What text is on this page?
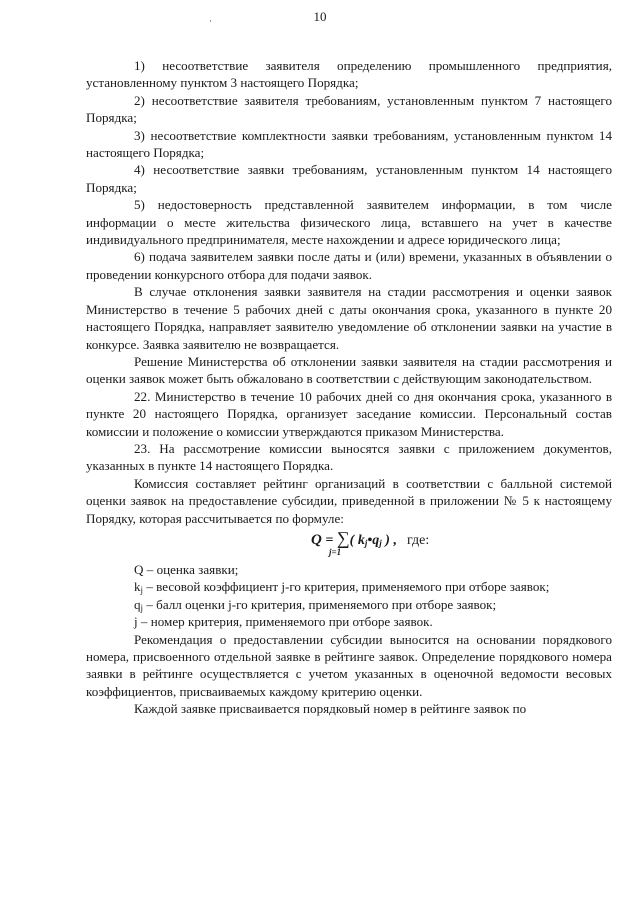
10

1) несоответствие заявителя определению промышленного предприятия, установленному пунктом 3 настоящего Порядка;

2) несоответствие заявителя требованиям, установленным пунктом 7 настоящего Порядка;

3) несоответствие комплектности заявки требованиям, установленным пунктом 14 настоящего Порядка;

4) несоответствие заявки требованиям, установленным пунктом 14 настоящего Порядка;

5) недостоверность представленной заявителем информации, в том числе информации о месте жительства физического лица, вставшего на учет в качестве индивидуального предпринимателя, месте нахождении и адресе юридического лица;

6) подача заявителем заявки после даты и (или) времени, указанных в объявлении о проведении конкурсного отбора для подачи заявок.

В случае отклонения заявки заявителя на стадии рассмотрения и оценки заявок Министерство в течение 5 рабочих дней с даты окончания срока, указанного в пункте 20 настоящего Порядка, направляет заявителю уведомление об отклонении заявки на участие в конкурсе. Заявка заявителю не возвращается.

Решение Министерства об отклонении заявки заявителя на стадии рассмотрения и оценки заявок может быть обжаловано в соответствии с действующим законодательством.

22. Министерство в течение 10 рабочих дней со дня окончания срока, указанного в пункте 20 настоящего Порядка, организует заседание комиссии. Персональный состав комиссии и положение о комиссии утверждаются приказом Министерства.

23. На рассмотрение комиссии выносятся заявки с приложением документов, указанных в пункте 14 настоящего Порядка.

Комиссия составляет рейтинг организаций в соответствии с балльной системой оценки заявок на предоставление субсидии, приведенной в приложении № 5 к настоящему Порядку, которая рассчитывается по формуле:

Q = ∑( $k_j•q_j$ ) , где:
j=1

Q – оценка заявки;

$k_j$ – весовой коэффициент j-го критерия, применяемого при отборе заявок;

$q_j$ – балл оценки j-го критерия, применяемого при отборе заявок;

j – номер критерия, применяемого при отборе заявок.

Рекомендация о предоставлении субсидии выносится на основании порядкового номера, присвоенного отдельной заявке в рейтинге заявок. Определение порядкового номера заявки в рейтинге осуществляется с учетом указанных в оценочной ведомости весовых коэффициентов, присваиваемых каждому критерию оценки.

Каждой заявке присваивается порядковый номер в рейтинге заявок по
